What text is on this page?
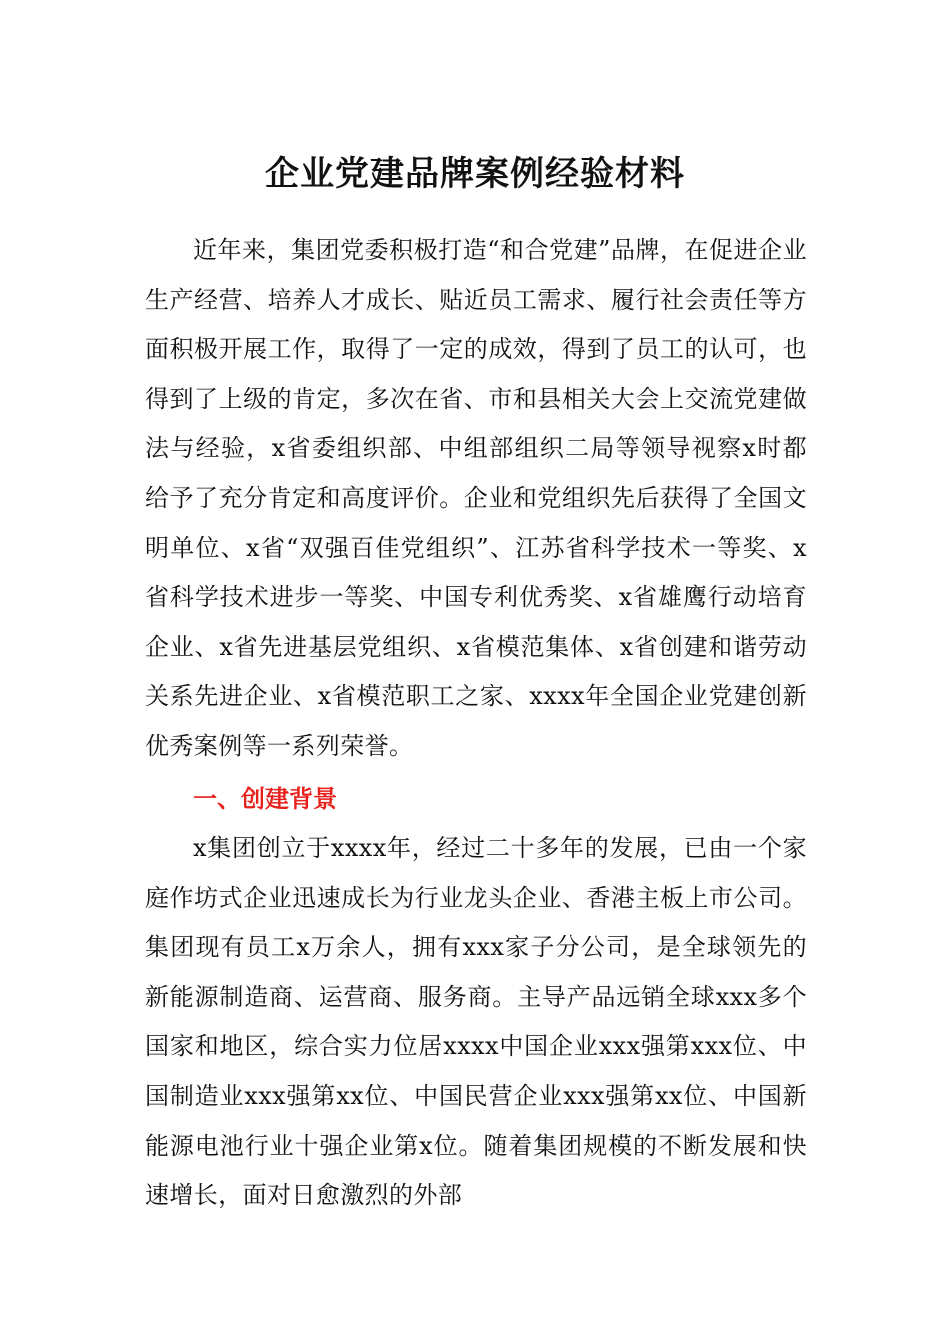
企业党建品牌案例经验材料

近年来，集团党委积极打造“和合党建”品牌，在促进企业生产经营、培养人才成长、贴近员工需求、履行社会责任等方面积极开展工作，取得了一定的成效，得到了员工的认可，也得到了上级的肯定，多次在省、市和县相关大会上交流党建做法与经验，x省委组织部、中组部组织二局等领导视察x时都给予了充分肯定和高度评价。企业和党组织先后获得了全国文明单位、x省“双强百佳党组织”、江苏省科学技术一等奖、x省科学技术进步一等奖、中国专利优秀奖、x省雄鹰行动培育企业、x省先进基层党组织、x省模范集体、x省创建和谐劳动关系先进企业、x省模范职工之家、xxxx年全国企业党建创新优秀案例等一系列荣誉。

一、创建背景

x集团创立于xxxx年，经过二十多年的发展，已由一个家庭作坊式企业迅速成长为行业龙头企业、香港主板上市公司。集团现有员工x万余人，拥有xxx家子分公司，是全球领先的新能源制造商、运营商、服务商。主导产品远销全球xxx多个国家和地区，综合实力位居xxxx中国企业xxx强第xxx位、中国制造业xxx强第xx位、中国民营企业xxx强第xx位、中国新能源电池行业十强企业第x位。随着集团规模的不断发展和快速增长，面对日愈激烈的外部
